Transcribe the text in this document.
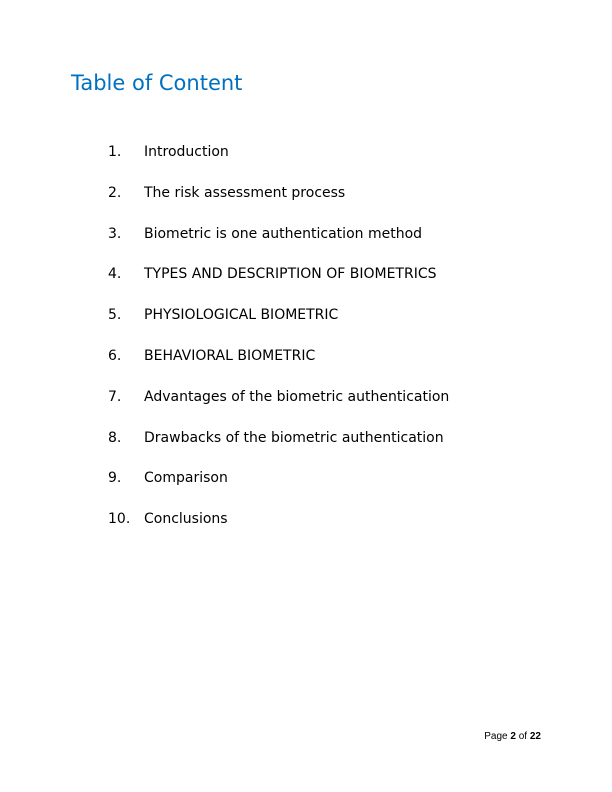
Table of Content
1. Introduction
2. The risk assessment process
3. Biometric is one authentication method
4. TYPES AND DESCRIPTION OF BIOMETRICS
5. PHYSIOLOGICAL BIOMETRIC
6. BEHAVIORAL BIOMETRIC
7. Advantages of the biometric authentication
8. Drawbacks of the biometric authentication
9. Comparison
10. Conclusions
Page 2 of 22
